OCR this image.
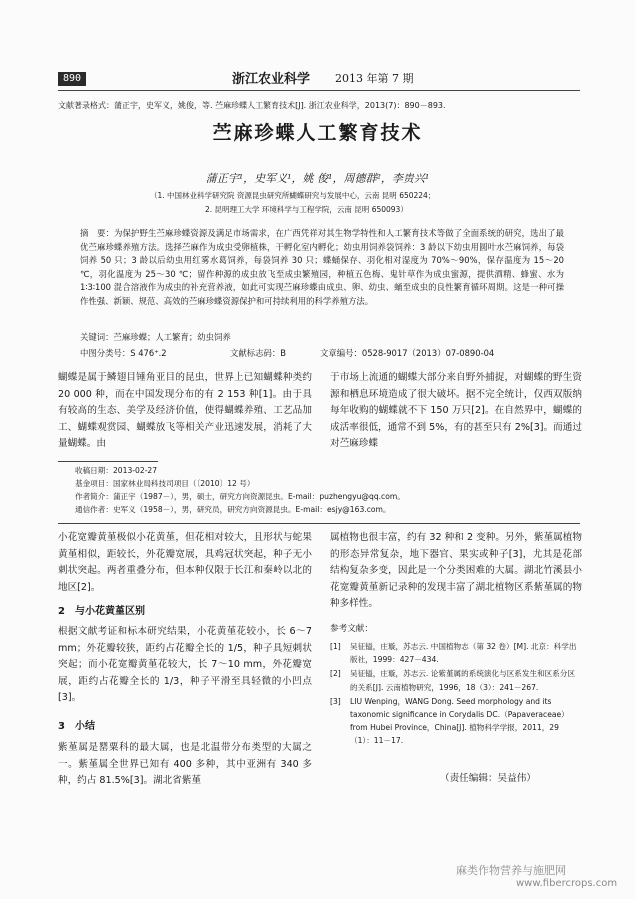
890	浙江农业科学 2013 年第 7 期
文献著录格式：蒲正宇，史军义，姚俊，等. 苎麻珍蝶人工繁育技术[J]. 浙江农业科学，2013(7)：890－893.
苎麻珍蝶人工繁育技术
蒲正宇¹，史军义¹，姚 俊¹，周德群²，李贵兴¹
（1. 中国林业科学研究院 资源昆虫研究所蝴蝶研究与发展中心，云南 昆明 650224；
2. 昆明理工大学 环境科学与工程学院，云南 昆明 650093）
摘　要：为保护野生苎麻珍蝶资源及满足市场需求，在广西凭祥对其生物学特性和人工繁育技术等做了全面系统的研究，选出了最优苎麻珍蝶养殖方法。选择苎麻作为成虫受卵植株，干孵化室内孵化；幼虫用饲养袋饲养：3 龄以下幼虫用圆叶水苎麻饲养，每袋饲养 50 只；3 龄以后幼虫用红雾水葛饲养，每袋饲养 30 只；蝶蛹保存、羽化相对湿度为 70%～90%，保存温度为 15～20 ℃，羽化温度为 25～30 ℃；留作种源的成虫放飞至成虫繁殖园，种植五色梅、鬼针草作为成虫蜜源，提供酒精、蜂蜜、水为 1∶3∶100 混合溶液作为成虫的补充营养液，如此可实现苎麻珍蝶由成虫、卵、幼虫、蛹至成虫的良性繁育循环周期。这是一种可操作性强、新颖、规范、高效的苎麻珍蝶资源保护和可持续利用的科学养殖方法。
关键词：苎麻珍蝶；人工繁育；幼虫饲养
中图分类号：S 476⁺.2	文献标志码：B	文章编号：0528-9017（2013）07-0890-04
蝴蝶是属于鳞翅目锤角亚目的昆虫，世界上已知蝴蝶种类约 20 000 种，而在中国发现分布的有 2 153 种[1]。由于具有较高的生态、美学及经济价值，使得蝴蝶养殖、工艺品加工、蝴蝶观赏园、蝴蝶放飞等相关产业迅速发展，消耗了大量蝴蝶。由
于市场上流通的蝴蝶大部分来自野外捕捉，对蝴蝶的野生资源和栖息环境造成了很大破坏。据不完全统计，仅西双版纳每年收购的蝴蝶就不下 150 万只[2]。在自然界中，蝴蝶的成活率很低，通常不到 5%，有的甚至只有 2%[3]。而通过对苎麻珍蝶
收稿日期：2013-02-27
基金项目：国家林业局科技司项目（〔2010〕12 号）
作者简介：蒲正宇（1987－），男，硕士，研究方向资源昆虫。E-mail：puzhengyu@qq.com。
通信作者：史军义（1958－），男，研究员，研究方向资源昆虫。E-mail：esjy@163.com。
小花宽瓣黄堇极似小花黄堇，但花相对较大，且形状与蛇果黄堇相似，距较长，外花瓣宽展，具鸡冠状突起，种子无小刺状突起。两者重叠分布，但本种仅限于长江和秦岭以北的地区[2]。
2　与小花黄堇区别
根据文献考证和标本研究结果，小花黄堇花较小，长 6～7 mm；外花瓣较狭，距约占花瓣全长的 1/5，种子具短刺状突起；而小花宽瓣黄堇花较大，长 7～10 mm，外花瓣宽展，距约占花瓣全长的 1/3，种子平滑至具轻微的小凹点[3]。
3　小结
紫堇属是罂粟科的最大属，也是北温带分布类型的大属之一。紫堇属全世界已知有 400 多种，其中亚洲有 340 多种，约占 81.5%[3]。湖北省紫堇
属植物也很丰富，约有 32 种和 2 变种。另外，紫堇属植物的形态异常复杂，地下器官、果实或种子[3]，尤其是花部结构复杂多变，因此是一个分类困难的大属。湖北竹溪县小花宽瓣黄堇新记录种的发现丰富了湖北植物区系紫堇属的物种多样性。
参考文献：
[1]	吴征镒，庄璇，苏志云. 中国植物志（第 32 卷）[M]. 北京：科学出版社，1999：427－434.
[2]	吴征镒，庄璇，苏志云. 论紫堇属的系统演化与区系发生和区系分区的关系[J]. 云南植物研究，1996，18（3）：241－267.
[3]	LIU Wenping，WANG Dong. Seed morphology and its taxonomic significance in Corydalis DC.（Papaveraceae）from Hubei Province，China[J]. 植物科学学报，2011，29（1）：11－17.
（责任编辑：吴益伟）
麻类作物营养与施肥网
www.fibercrops.com
